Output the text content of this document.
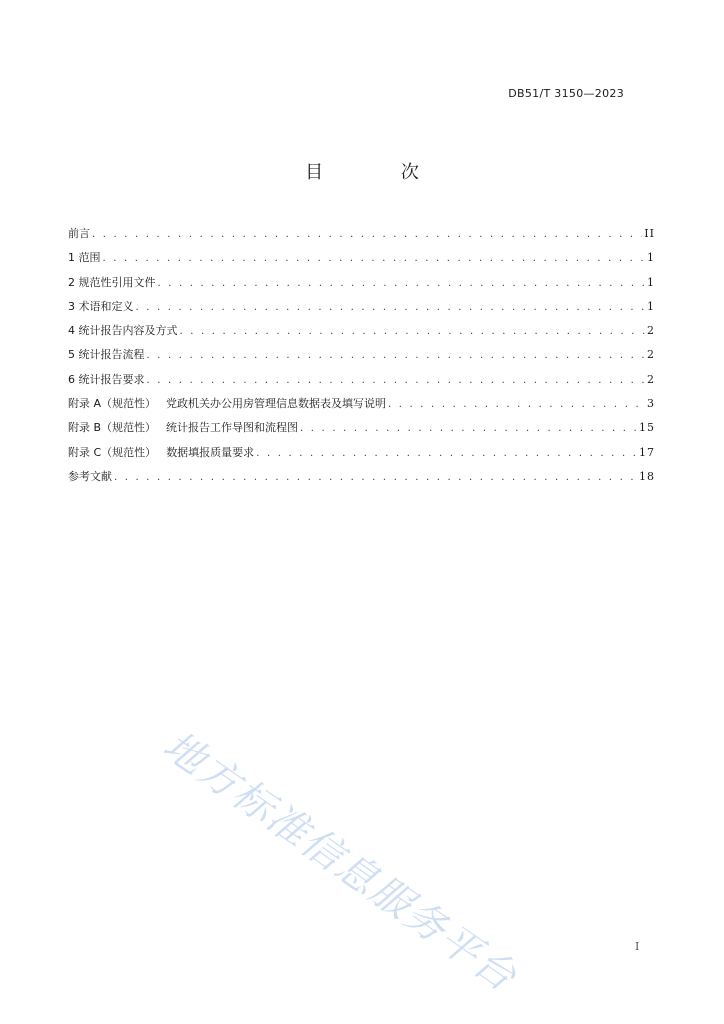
DB51/T 3150—2023
目 次
前言 . . .	II
1 范围 . . .	1
2 规范性引用文件 . . .	1
3 术语和定义 . . .	1
4 统计报告内容及方式 . . .	2
5 统计报告流程 . . .	2
6 统计报告要求 . . .	2
附录 A（规范性） 党政机关办公用房管理信息数据表及填写说明 . . .	3
附录 B（规范性） 统计报告工作导图和流程图 . . .	15
附录 C（规范性） 数据填报质量要求 . . .	17
参考文献 . . .	18
地方标准信息服务平台	I
